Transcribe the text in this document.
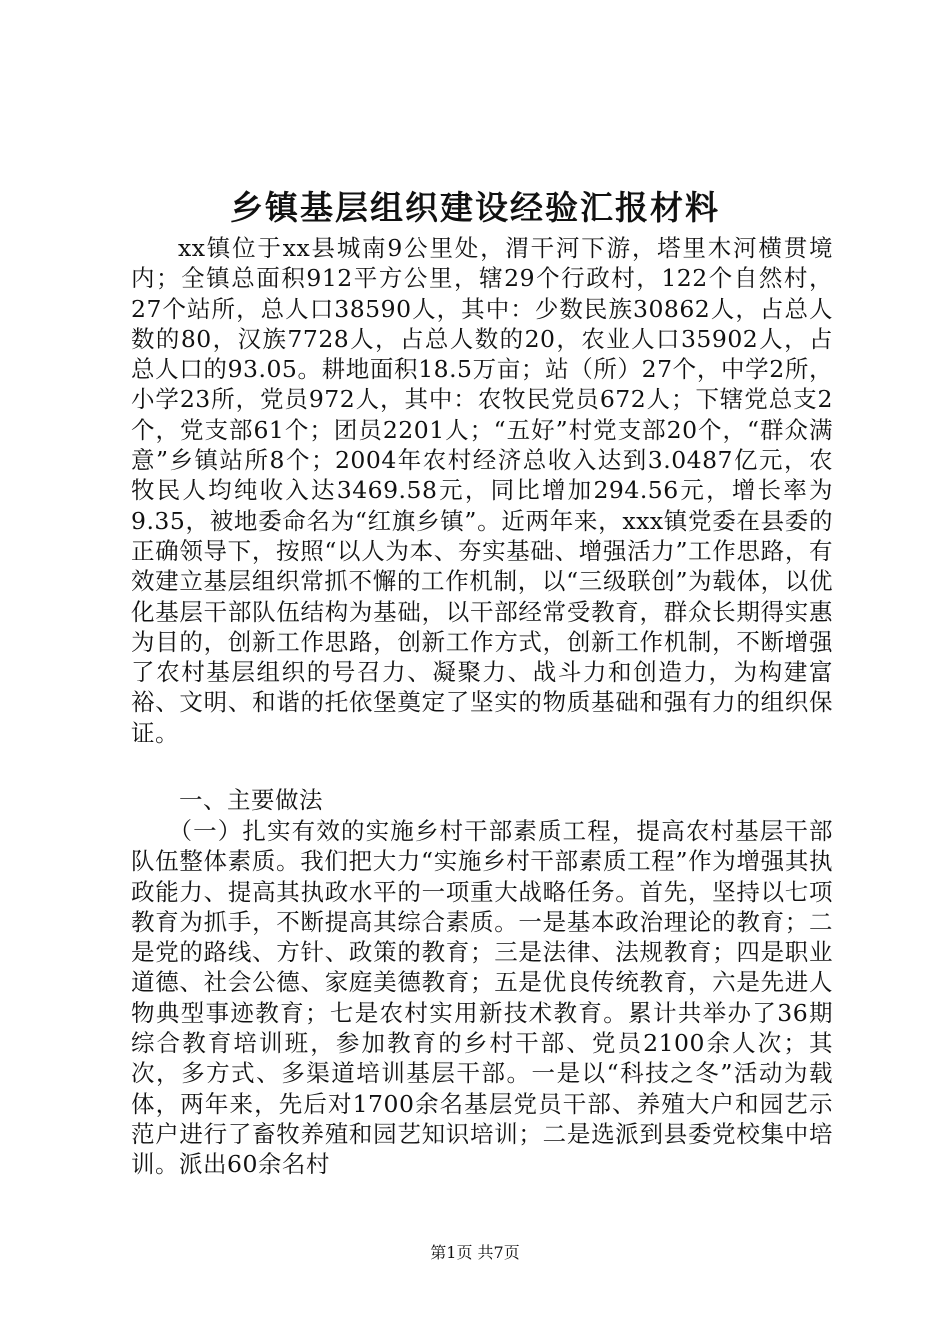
乡镇基层组织建设经验汇报材料

xx镇位于xx县城南9公里处，渭干河下游，塔里木河横贯境内；全镇总面积912平方公里，辖29个行政村，122个自然村，27个站所，总人口38590人，其中：少数民族30862人，占总人数的80，汉族7728人，占总人数的20，农业人口35902人，占总人口的93.05。耕地面积18.5万亩；站（所）27个，中学2所，小学23所，党员972人，其中：农牧民党员672人；下辖党总支2个，党支部61个；团员2201人；“五好”村党支部20个，“群众满意”乡镇站所8个；2004年农村经济总收入达到3.0487亿元，农牧民人均纯收入达3469.58元，同比增加294.56元，增长率为9.35，被地委命名为“红旗乡镇”。近两年来，xxx镇党委在县委的正确领导下，按照“以人为本、夯实基础、增强活力”工作思路，有效建立基层组织常抓不懈的工作机制，以“三级联创”为载体，以优化基层干部队伍结构为基础，以干部经常受教育，群众长期得实惠为目的，创新工作思路，创新工作方式，创新工作机制，不断增强了农村基层组织的号召力、凝聚力、战斗力和创造力，为构建富裕、文明、和谐的托依堡奠定了坚实的物质基础和强有力的组织保证。

　　一、主要做法

　　（一）扎实有效的实施乡村干部素质工程，提高农村基层干部队伍整体素质。我们把大力“实施乡村干部素质工程”作为增强其执政能力、提高其执政水平的一项重大战略任务。首先，坚持以七项教育为抓手，不断提高其综合素质。一是基本政治理论的教育；二是党的路线、方针、政策的教育；三是法律、法规教育；四是职业道德、社会公德、家庭美德教育；五是优良传统教育，六是先进人物典型事迹教育；七是农村实用新技术教育。累计共举办了36期综合教育培训班，参加教育的乡村干部、党员2100余人次；其次，多方式、多渠道培训基层干部。一是以“科技之冬”活动为载体，两年来，先后对1700余名基层党员干部、养殖大户和园艺示范户进行了畜牧养殖和园艺知识培训；二是选派到县委党校集中培训。派出60余名村

第1页 共7页
